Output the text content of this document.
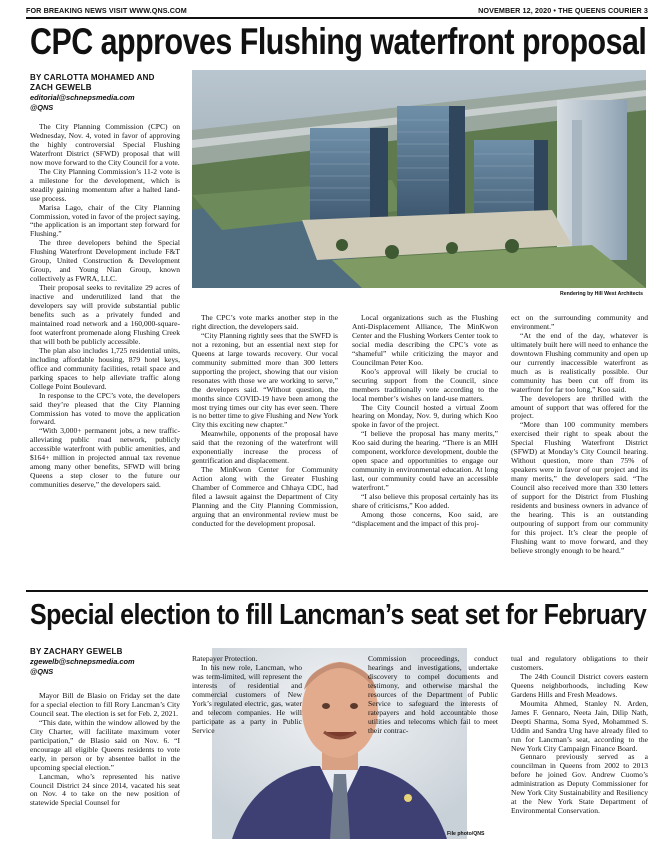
FOR BREAKING NEWS VISIT WWW.QNS.COM	NOVEMBER 12, 2020 • THE QUEENS COURIER 3
CPC approves Flushing waterfront proposal
BY CARLOTTA MOHAMED AND ZACH GEWELB
editorial@schnepsmedia.com
@QNS
Rendering by Hill West Architects

The City Planning Commission (CPC) on Wednesday, Nov. 4, voted in favor of approving the highly controversial Special Flushing Waterfront District (SFWD) proposal that will now move forward to the City Council for a vote.

The City Planning Commission’s 11-2 vote is a milestone for the development, which is steadily gaining momentum after a halted land-use process.

Marisa Lago, chair of the City Planning Commission, voted in favor of the project saying, “the application is an important step forward for Flushing.”

The three developers behind the Special Flushing Waterfront Development include F&T Group, United Construction & Development Group, and Young Nian Group, known collectively as FWRA, LLC.

Their proposal seeks to revitalize 29 acres of inactive and underutilized land that the developers say will provide substantial public benefits such as a privately funded and maintained road network and a 160,000-square-foot waterfront promenade along Flushing Creek that will both be publicly accessible.

The plan also includes 1,725 residential units, including affordable housing, 879 hotel keys, office and community facilities, retail space and parking spaces to help alleviate traffic along College Point Boulevard.

In response to the CPC’s vote, the developers said they’re pleased that the City Planning Commission has voted to move the application forward.

“With 3,000+ permanent jobs, a new traffic-alleviating public road network, publicly accessible waterfront with public amenities, and $164+ million in projected annual tax revenue among many other benefits, SFWD will bring Queens a step closer to the future our communities deserve,” the developers said.

The CPC’s vote marks another step in the right direction, the developers said.

“City Planning rightly sees that the SWFD is not a rezoning, but an essential next step for Queens at large towards recovery. Our vocal community submitted more than 300 letters supporting the project, showing that our vision resonates with those we are working to serve,” the developers said. “Without question, the months since COVID-19 have been among the most trying times our city has ever seen. There is no better time to give Flushing and New York City this exciting new chapter.”

Meanwhile, opponents of the proposal have said that the rezoning of the waterfront will exponentially increase the process of gentrification and displacement.

The MinKwon Center for Community Action along with the Greater Flushing Chamber of Commerce and Chhaya CDC, had filed a lawsuit against the Department of City Planning and the City Planning Commission, arguing that an environmental review must be conducted for the development proposal.

Local organizations such as the Flushing Anti-Displacement Alliance, The MinKwon Center and the Flushing Workers Center took to social media describing the CPC’s vote as “shameful” while criticizing the mayor and Councilman Peter Koo.

Koo’s approval will likely be crucial to securing support from the Council, since members traditionally vote according to the local member’s wishes on land-use matters.

The City Council hosted a virtual Zoom hearing on Monday, Nov. 9, during which Koo spoke in favor of the project.

“I believe the proposal has many merits,” Koo said during the hearing. “There is an MIH component, workforce development, double the open space and opportunities to engage our community in environmental education. At long last, our community could have an accessible waterfront.”

“I also believe this proposal certainly has its share of criticisms,” Koo added.

Among those concerns, Koo said, are “displacement and the impact of this proj-

ect on the surrounding community and environment.”

“At the end of the day, whatever is ultimately built here will need to enhance the downtown Flushing community and open up our currently inaccessible waterfront as much as is realistically possible. Our community has been cut off from its waterfront for far too long,” Koo said.

The developers are thrilled with the amount of support that was offered for the project.

“More than 100 community members exercised their right to speak about the Special Flushing Waterfront District (SFWD) at Monday’s City Council hearing. Without question, more than 75% of speakers were in favor of our project and its many merits,” the developers said. “The Council also received more than 330 letters of support for the District from Flushing residents and business owners in advance of the hearing. This is an outstanding outpouring of support from our community for this project. It’s clear the people of Flushing want to move forward, and they believe strongly enough to be heard.”

Special election to fill Lancman’s seat set for February
BY ZACHARY GEWELB
zgewelb@schnepsmedia.com
@QNS
File photo/QNS

Mayor Bill de Blasio on Friday set the date for a special election to fill Rory Lancman’s City Council seat. The election is set for Feb. 2, 2021.

“This date, within the window allowed by the City Charter, will facilitate maximum voter participation,” de Blasio said on Nov. 6. “I encourage all eligible Queens residents to vote early, in person or by absentee ballot in the upcoming special election.”

Lancman, who’s represented his native Council District 24 since 2014, vacated his seat on Nov. 4 to take on the new position of statewide Special Counsel for

Ratepayer Protection.

In his new role, Lancman, who was term-limited, will represent the interests of residential and commercial customers of New York’s regulated electric, gas, water and telecom companies. He will participate as a party in Public Service

Commission proceedings, conduct hearings and investigations, undertake discovery to compel documents and testimony, and otherwise marshal the resources of the Department of Public Service to safeguard the interests of ratepayers and hold accountable those utilities and telecoms which fail to meet their contrac-

tual and regulatory obligations to their customers.

The 24th Council District covers eastern Queens neighborhoods, including Kew Gardens Hills and Fresh Meadows.

Moumita Ahmed, Stanley N. Arden, James F. Gennaro, Neeta Jain, Dilip Nath, Deepti Sharma, Soma Syed, Mohammed S. Uddin and Sandra Ung have already filed to run for Lancman’s seat, according to the New York City Campaign Finance Board.

Gennaro previously served as a councilman in Queens from 2002 to 2013 before he joined Gov. Andrew Cuomo’s administration as Deputy Commissioner for New York City Sustainability and Resiliency at the New York State Department of Environmental Conservation.
